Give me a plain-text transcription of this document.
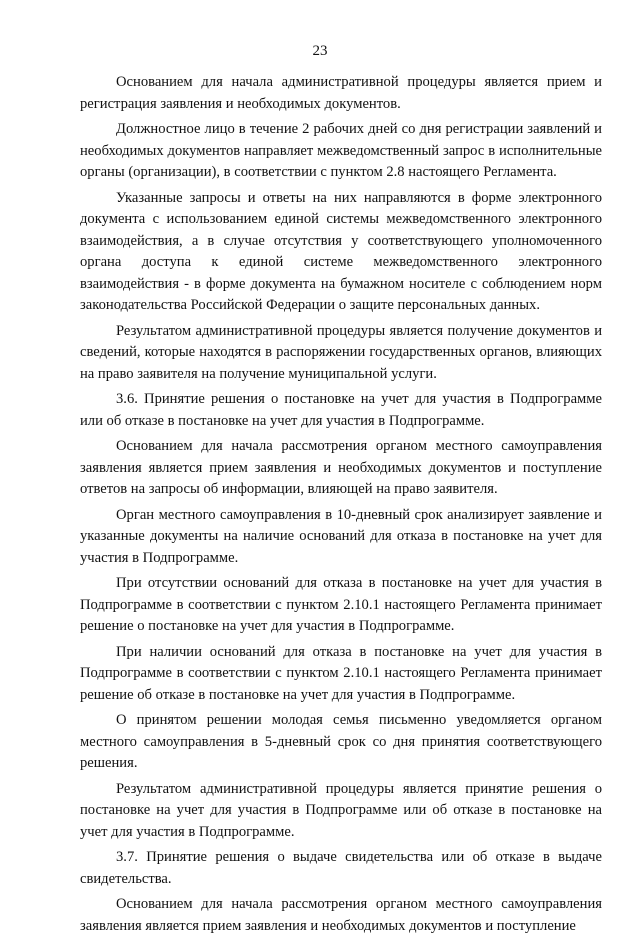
23

Основанием для начала административной процедуры является прием и регистрация заявления и необходимых документов.

Должностное лицо в течение 2 рабочих дней со дня регистрации заявлений и необходимых документов направляет межведомственный запрос в исполнительные органы (организации), в соответствии с пунктом 2.8 настоящего Регламента.

Указанные запросы и ответы на них направляются в форме электронного документа с использованием единой системы межведомственного электронного взаимодействия, а в случае отсутствия у соответствующего уполномоченного органа доступа к единой системе межведомственного электронного взаимодействия - в форме документа на бумажном носителе с соблюдением норм законодательства Российской Федерации о защите персональных данных.

Результатом административной процедуры является получение документов и сведений, которые находятся в распоряжении государственных органов, влияющих на право заявителя на получение муниципальной услуги.

3.6. Принятие решения о постановке на учет для участия в Подпрограмме или об отказе в постановке на учет для участия в Подпрограмме.

Основанием для начала рассмотрения органом местного самоуправления заявления является прием заявления и необходимых документов и поступление ответов на запросы об информации, влияющей на право заявителя.

Орган местного самоуправления в 10-дневный срок анализирует заявление и указанные документы на наличие оснований для отказа в постановке на учет для участия в Подпрограмме.

При отсутствии оснований для отказа в постановке на учет для участия в Подпрограмме в соответствии с пунктом 2.10.1 настоящего Регламента принимает решение о постановке на учет для участия в Подпрограмме.

При наличии оснований для отказа в постановке на учет для участия в Подпрограмме в соответствии с пунктом 2.10.1 настоящего Регламента принимает решение об отказе в постановке на учет для участия в Подпрограмме.

О принятом решении молодая семья письменно уведомляется органом местного самоуправления в 5-дневный срок со дня принятия соответствующего решения.

Результатом административной процедуры является принятие решения о постановке на учет для участия в Подпрограмме или об отказе в постановке на учет для участия в Подпрограмме.

3.7. Принятие решения о выдаче свидетельства или об отказе в выдаче свидетельства.

Основанием для начала рассмотрения органом местного самоуправления заявления является прием заявления и необходимых документов и поступление
